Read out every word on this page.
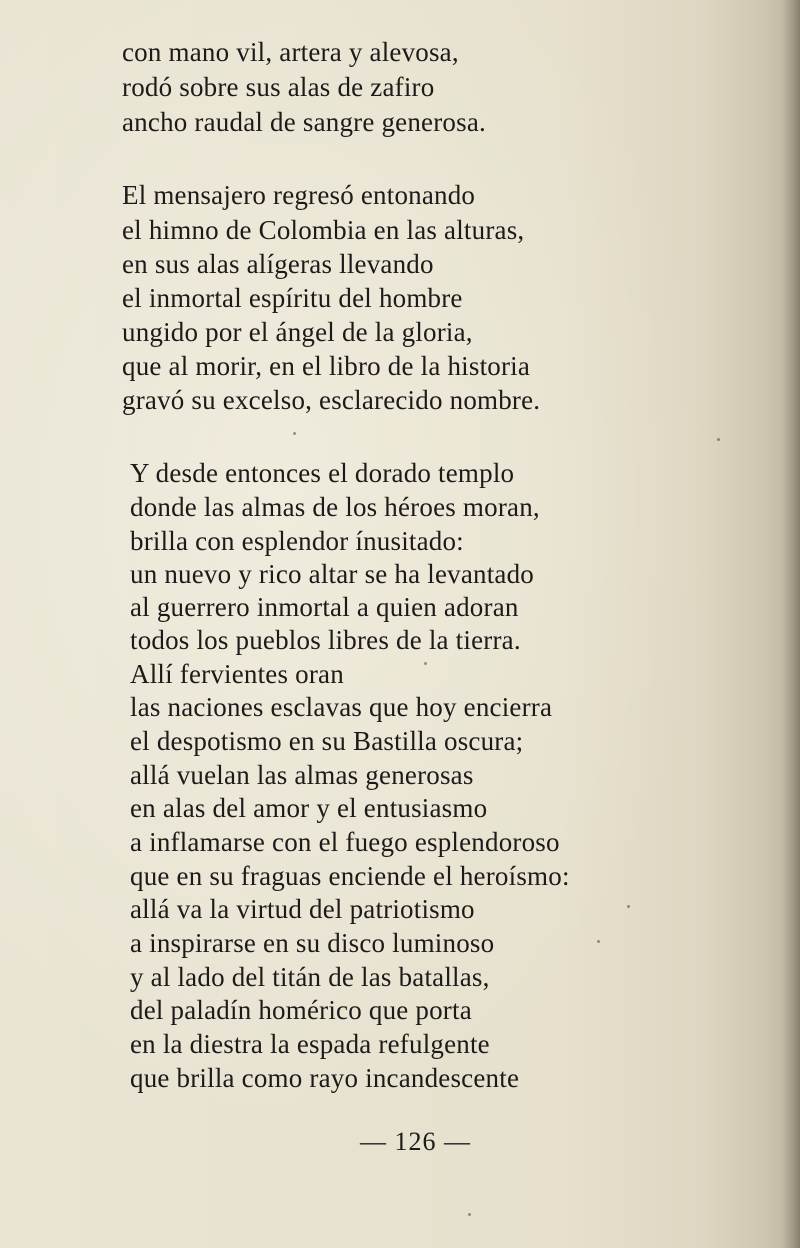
con mano vil, artera y alevosa,
rodó sobre sus alas de zafiro
ancho raudal de sangre generosa.
El mensajero regresó entonando
el himno de Colombia en las alturas,
en sus alas alígeras llevando
el inmortal espíritu del hombre
ungido por el ángel de la gloria,
que al morir, en el libro de la historia
gravó su excelso, esclarecido nombre.
Y desde entonces el dorado templo
donde las almas de los héroes moran,
brilla con esplendor ínusitado:
un nuevo y rico altar se ha levantado
al guerrero inmortal a quien adoran
todos los pueblos libres de la tierra.
Allí fervientes oran
las naciones esclavas que hoy encierra
el despotismo en su Bastilla oscura;
allá vuelan las almas generosas
en alas del amor y el entusiasmo
a inflamarse con el fuego esplendoroso
que en su fraguas enciende el heroísmo:
allá va la virtud del patriotismo
a inspirarse en su disco luminoso
y al lado del titán de las batallas,
del paladín homérico que porta
en la diestra la espada refulgente
que brilla como rayo incandescente
— 126 —
